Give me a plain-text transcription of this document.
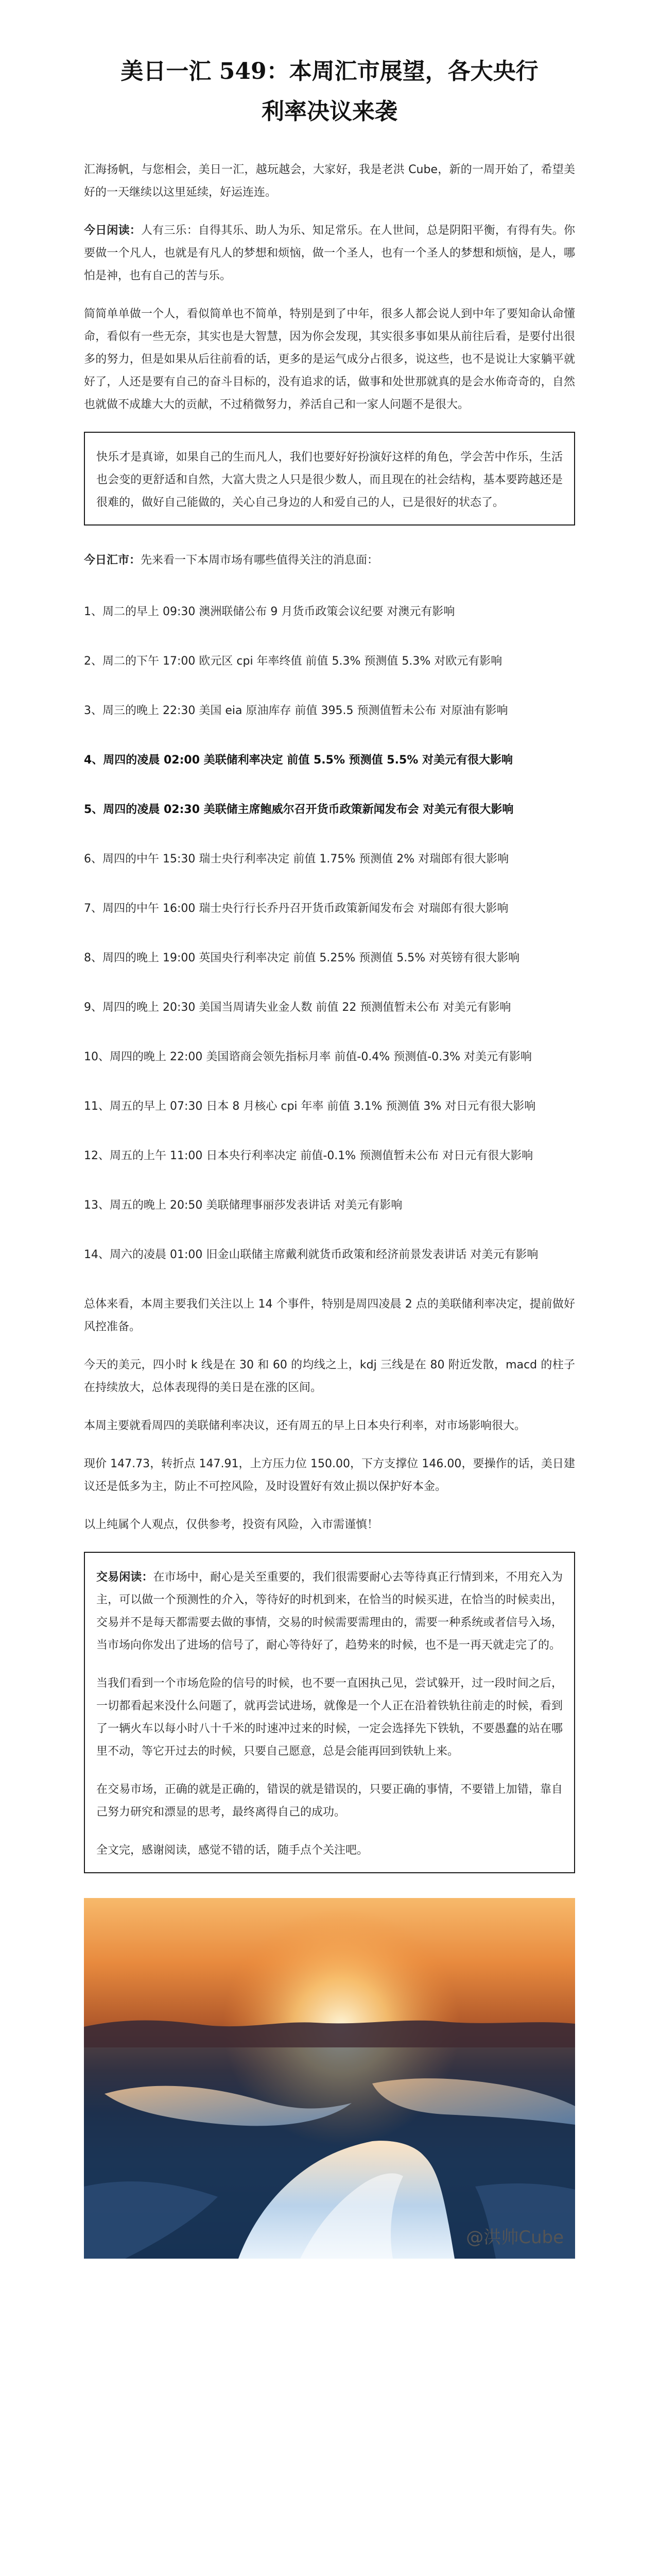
美日一汇 549：本周汇市展望，各大央行
利率决议来袭

汇海扬帆，与您相会，美日一汇，越玩越会，大家好，我是老洪 Cube，新的一周开始了，希望美好的一天继续以这里延续，好运连连。

今日闲读：人有三乐：自得其乐、助人为乐、知足常乐。在人世间，总是阴阳平衡，有得有失。你要做一个凡人，也就是有凡人的梦想和烦恼，做一个圣人，也有一个圣人的梦想和烦恼，是人，哪怕是神，也有自己的苦与乐。

简简单单做一个人，看似简单也不简单，特别是到了中年，很多人都会说人到中年了要知命认命懂命，看似有一些无奈，其实也是大智慧，因为你会发现，其实很多事如果从前往后看，是要付出很多的努力，但是如果从后往前看的话，更多的是运气成分占很多，说这些，也不是说让大家躺平就好了，人还是要有自己的奋斗目标的，没有追求的话，做事和处世那就真的是会水佈奇奇的，自然也就做不成雄大大的贡献，不过稍微努力，养活自己和一家人问题不是很大。

快乐才是真谛，如果自己的生而凡人，我们也要好好扮演好这样的角色，学会苦中作乐，生活也会变的更舒适和自然，大富大贵之人只是很少数人，而且现在的社会结构，基本要跨越还是很难的，做好自己能做的，关心自己身边的人和爱自己的人，已是很好的状态了。

今日汇市：先来看一下本周市场有哪些值得关注的消息面：

1、周二的早上 09:30 澳洲联储公布 9 月货币政策会议纪要 对澳元有影响

2、周二的下午 17:00 欧元区 cpi 年率终值 前值 5.3% 预测值 5.3% 对欧元有影响

3、周三的晚上 22:30 美国 eia 原油库存 前值 395.5 预测值暂未公布 对原油有影响

4、周四的凌晨 02:00 美联储利率决定 前值 5.5% 预测值 5.5% 对美元有很大影响

5、周四的凌晨 02:30 美联储主席鲍威尔召开货币政策新闻发布会 对美元有很大影响

6、周四的中午 15:30 瑞士央行利率决定 前值 1.75% 预测值 2% 对瑞郎有很大影响

7、周四的中午 16:00 瑞士央行行长乔丹召开货币政策新闻发布会 对瑞郎有很大影响

8、周四的晚上 19:00 英国央行利率决定 前值 5.25% 预测值 5.5% 对英镑有很大影响

9、周四的晚上 20:30 美国当周请失业金人数 前值 22 预测值暂未公布 对美元有影响

10、周四的晚上 22:00 美国谘商会领先指标月率 前值-0.4% 预测值-0.3% 对美元有影响

11、周五的早上 07:30 日本 8 月核心 cpi 年率 前值 3.1% 预测值 3% 对日元有很大影响

12、周五的上午 11:00 日本央行利率决定 前值-0.1% 预测值暂未公布 对日元有很大影响

13、周五的晚上 20:50 美联储理事丽莎发表讲话 对美元有影响

14、周六的凌晨 01:00 旧金山联储主席戴利就货币政策和经济前景发表讲话 对美元有影响

总体来看，本周主要我们关注以上 14 个事件，特别是周四凌晨 2 点的美联储利率决定，提前做好风控准备。

今天的美元，四小时 k 线是在 30 和 60 的均线之上，kdj 三线是在 80 附近发散，macd 的柱子在持续放大，总体表现得的美日是在涨的区间。

本周主要就看周四的美联储利率决议，还有周五的早上日本央行利率，对市场影响很大。

现价 147.73，转折点 147.91，上方压力位 150.00，下方支撑位 146.00，要操作的话，美日建议还是低多为主，防止不可控风险，及时设置好有效止损以保护好本金。

以上纯属个人观点，仅供参考，投资有风险，入市需谨慎！

交易闲读：在市场中，耐心是关至重要的，我们很需要耐心去等待真正行情到来，不用充入为主，可以做一个预测性的介入，等待好的时机到来，在恰当的时候买进，在恰当的时候卖出，交易并不是每天都需要去做的事情，交易的时候需要需理由的，需要一种系统或者信号入场，当市场向你发出了进场的信号了，耐心等待好了，趋势来的时候，也不是一再天就走完了的。

当我们看到一个市场危险的信号的时候，也不要一直困执己见，尝试躲开，过一段时间之后，一切都看起来没什么问题了，就再尝试进场，就像是一个人正在沿着铁轨往前走的时候，看到了一辆火车以每小时八十千米的时速冲过来的时候，一定会选择先下铁轨，不要愚蠢的站在哪里不动，等它开过去的时候，只要自己愿意，总是会能再回到铁轨上来。

在交易市场，正确的就是正确的，错误的就是错误的，只要正确的事情，不要错上加错，靠自己努力研究和漂显的思考，最终离得自己的成功。

全文完，感谢阅读，感觉不错的话，随手点个关注吧。

@洪帅Cube
